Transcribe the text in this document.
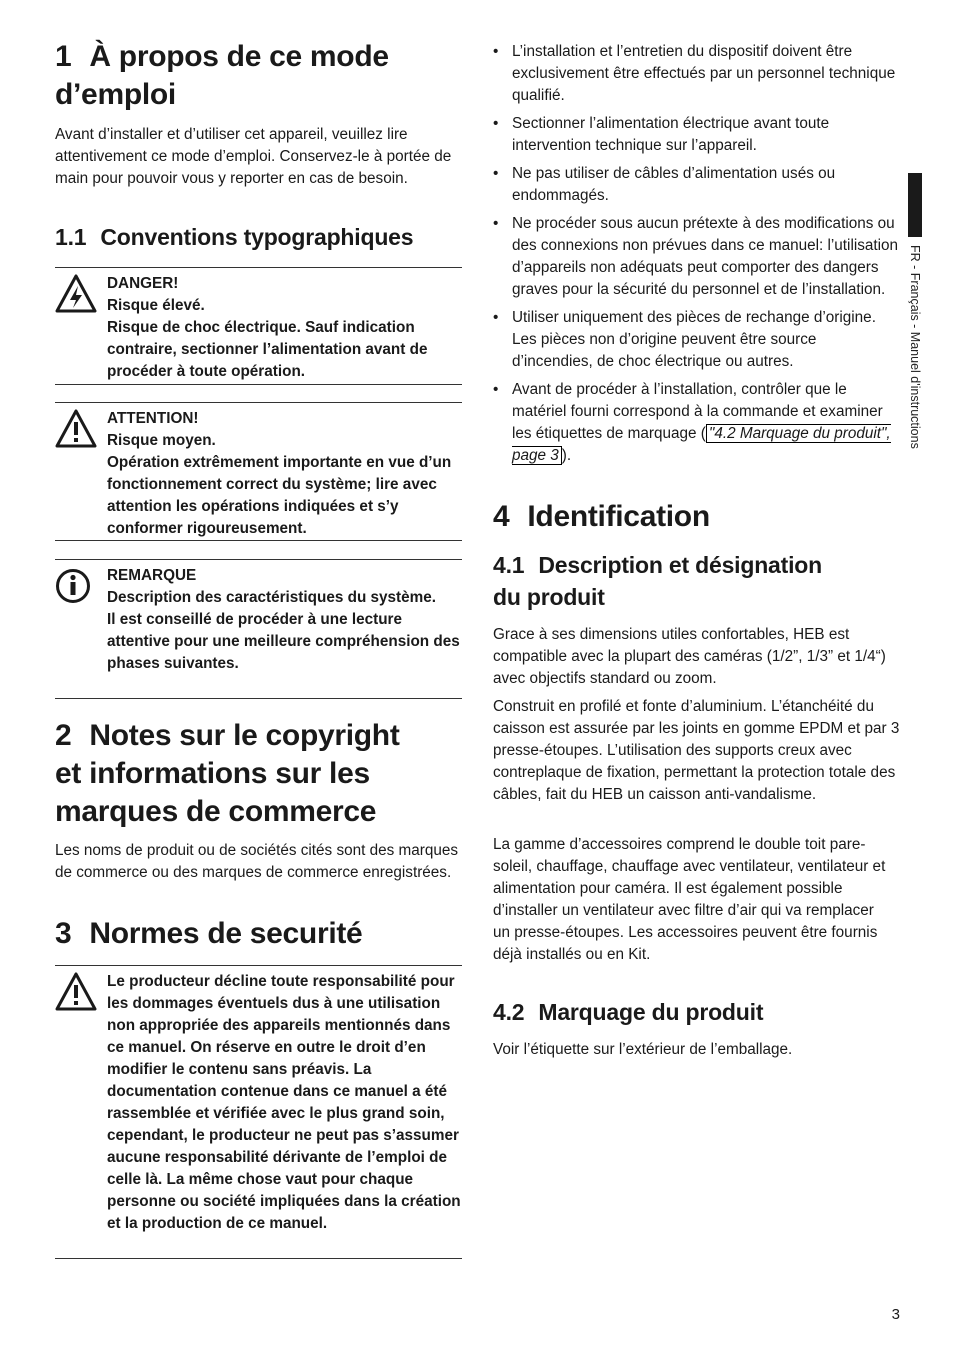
1 À propos de ce mode
d’emploi

Avant d’installer et d’utiliser cet appareil, veuillez lire attentivement ce mode d’emploi. Conservez-le à portée de main pour pouvoir vous y reporter en cas de besoin.

1.1 Conventions typographiques
DANGER!
Risque élevé.
Risque de choc électrique. Sauf indication contraire, sectionner l’alimentation avant de procéder à toute opération.
ATTENTION!
Risque moyen.
Opération extrêmement importante en vue d’un fonctionnement correct du système; lire avec attention les opérations indiquées et s’y conformer rigoureusement.
REMARQUE
Description des caractéristiques du système.
Il est conseillé de procéder à une lecture attentive pour une meilleure compréhension des phases suivantes.
2 Notes sur le copyright
et informations sur les
marques de commerce

Les noms de produit ou de sociétés cités sont des marques de commerce ou des marques de commerce enregistrées.

3 Normes de securité
Le producteur décline toute responsabilité pour les dommages éventuels dus à une utilisation non appropriée des appareils mentionnés dans ce manuel. On réserve en outre le droit d’en modifier le contenu sans préavis. La documentation contenue dans ce manuel a été rassemblée et vérifiée avec le plus grand soin, cependant, le producteur ne peut pas s’assumer aucune responsabilité dérivante de l’emploi de celle là. La même chose vaut pour chaque personne ou société impliquées dans la création et la production de ce manuel.
• L’installation et l’entretien du dispositif doivent être exclusivement être effectués par un personnel technique qualifié.
• Sectionner l’alimentation électrique avant toute intervention technique sur l’appareil.
• Ne pas utiliser de câbles d’alimentation usés ou endommagés.
• Ne procéder sous aucun prétexte à des modifications ou des connexions non prévues dans ce manuel: l’utilisation d’appareils non adéquats peut comporter des dangers graves pour la sécurité du personnel et de l’installation.
• Utiliser uniquement des pièces de rechange d’origine. Les pièces non d’origine peuvent être source d’incendies, de choc électrique ou autres.
• Avant de procéder à l’installation, contrôler que le matériel fourni correspond à la commande et examiner les étiquettes de marquage ( "4.2 Marquage du produit", page 3 ).
4 Identification
4.1 Description et désignation
du produit

Grace à ses dimensions utiles confortables, HEB est compatible avec la plupart des caméras (1/2”, 1/3” et 1/4“) avec objectifs standard ou zoom.

Construit en profilé et fonte d’aluminium. L’étanchéité du caisson est assurée par les joints en gomme EPDM et par 3 presse-étoupes. L’utilisation des supports creux avec contreplaque de fixation, permettant la protection totale des câbles, fait du HEB un caisson anti-vandalisme.

La gamme d’accessoires comprend le double toit pare-soleil, chauffage, chauffage avec ventilateur, ventilateur et alimentation pour caméra. Il est également possible d’installer un ventilateur avec filtre d’air qui va remplacer un presse-étoupes. Les accessoires peuvent être fournis déjà installés ou en Kit.

4.2 Marquage du produit

Voir l’étiquette sur l’extérieur de l’emballage.

FR - Français - Manuel d'instructions
3
